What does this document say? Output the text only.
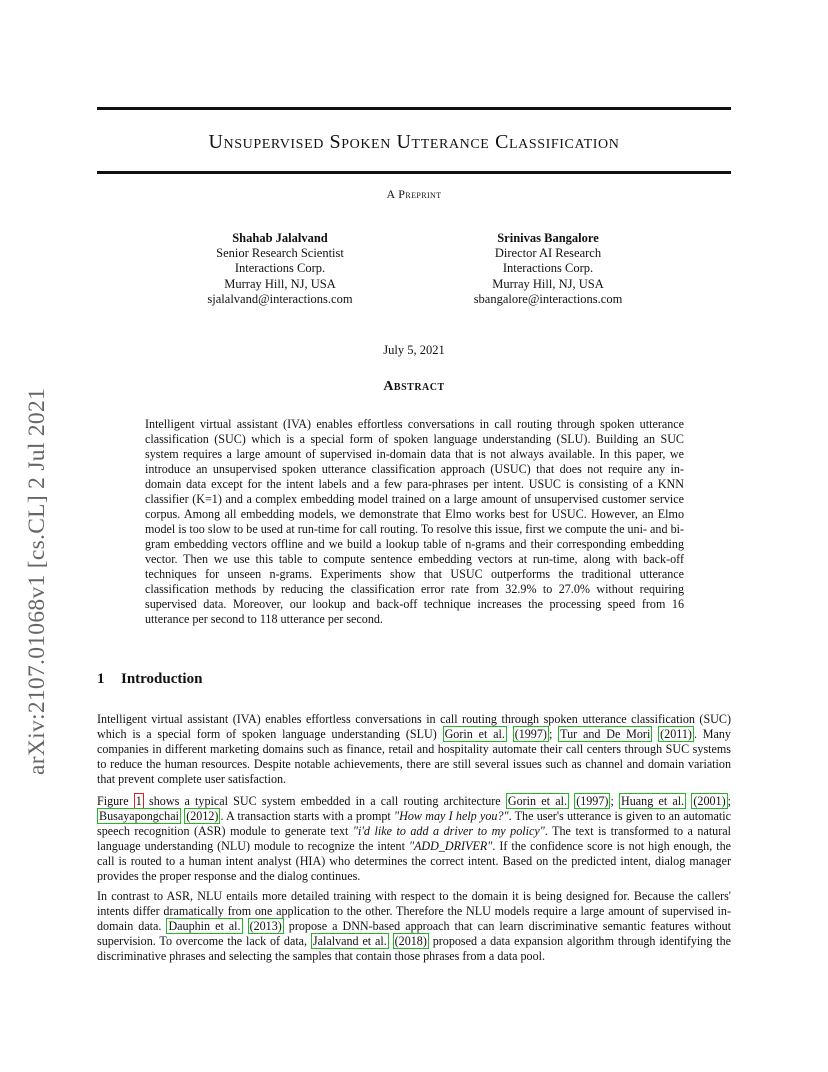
arXiv:2107.01068v1 [cs.CL] 2 Jul 2021
Unsupervised Spoken Utterance Classification
A Preprint
Shahab Jalalvand
Senior Research Scientist
Interactions Corp.
Murray Hill, NJ, USA
sjalalvand@interactions.com
Srinivas Bangalore
Director AI Research
Interactions Corp.
Murray Hill, NJ, USA
sbangalore@interactions.com
July 5, 2021
Abstract

Intelligent virtual assistant (IVA) enables effortless conversations in call routing through spoken utterance classification (SUC) which is a special form of spoken language understanding (SLU). Building an SUC system requires a large amount of supervised in-domain data that is not always available. In this paper, we introduce an unsupervised spoken utterance classification approach (USUC) that does not require any in-domain data except for the intent labels and a few para-phrases per intent. USUC is consisting of a KNN classifier (K=1) and a complex embedding model trained on a large amount of unsupervised customer service corpus. Among all embedding models, we demonstrate that Elmo works best for USUC. However, an Elmo model is too slow to be used at run-time for call routing. To resolve this issue, first we compute the uni- and bi-gram embedding vectors offline and we build a lookup table of n-grams and their corresponding embedding vector. Then we use this table to compute sentence embedding vectors at run-time, along with back-off techniques for unseen n-grams. Experiments show that USUC outperforms the traditional utterance classification methods by reducing the classification error rate from 32.9% to 27.0% without requiring supervised data. Moreover, our lookup and back-off technique increases the processing speed from 16 utterance per second to 118 utterance per second.

1 Introduction

Intelligent virtual assistant (IVA) enables effortless conversations in call routing through spoken utterance classification (SUC) which is a special form of spoken language understanding (SLU) Gorin et al. (1997) ; Tur and De Mori (2011) . Many companies in different marketing domains such as finance, retail and hospitality automate their call centers through SUC systems to reduce the human resources. Despite notable achievements, there are still several issues such as channel and domain variation that prevent complete user satisfaction.

Figure 1 shows a typical SUC system embedded in a call routing architecture Gorin et al. (1997) ; Huang et al. (2001) ; Busayapongchai (2012) . A transaction starts with a prompt "How may I help you?". The user's utterance is given to an automatic speech recognition (ASR) module to generate text "i'd like to add a driver to my policy". The text is transformed to a natural language understanding (NLU) module to recognize the intent "ADD_DRIVER". If the confidence score is not high enough, the call is routed to a human intent analyst (HIA) who determines the correct intent. Based on the predicted intent, dialog manager provides the proper response and the dialog continues.

In contrast to ASR, NLU entails more detailed training with respect to the domain it is being designed for. Because the callers' intents differ dramatically from one application to the other. Therefore the NLU models require a large amount of supervised in-domain data. Dauphin et al. (2013) propose a DNN-based approach that can learn discriminative semantic features without supervision. To overcome the lack of data, Jalalvand et al. (2018) proposed a data expansion algorithm through identifying the discriminative phrases and selecting the samples that contain those phrases from a data pool.
